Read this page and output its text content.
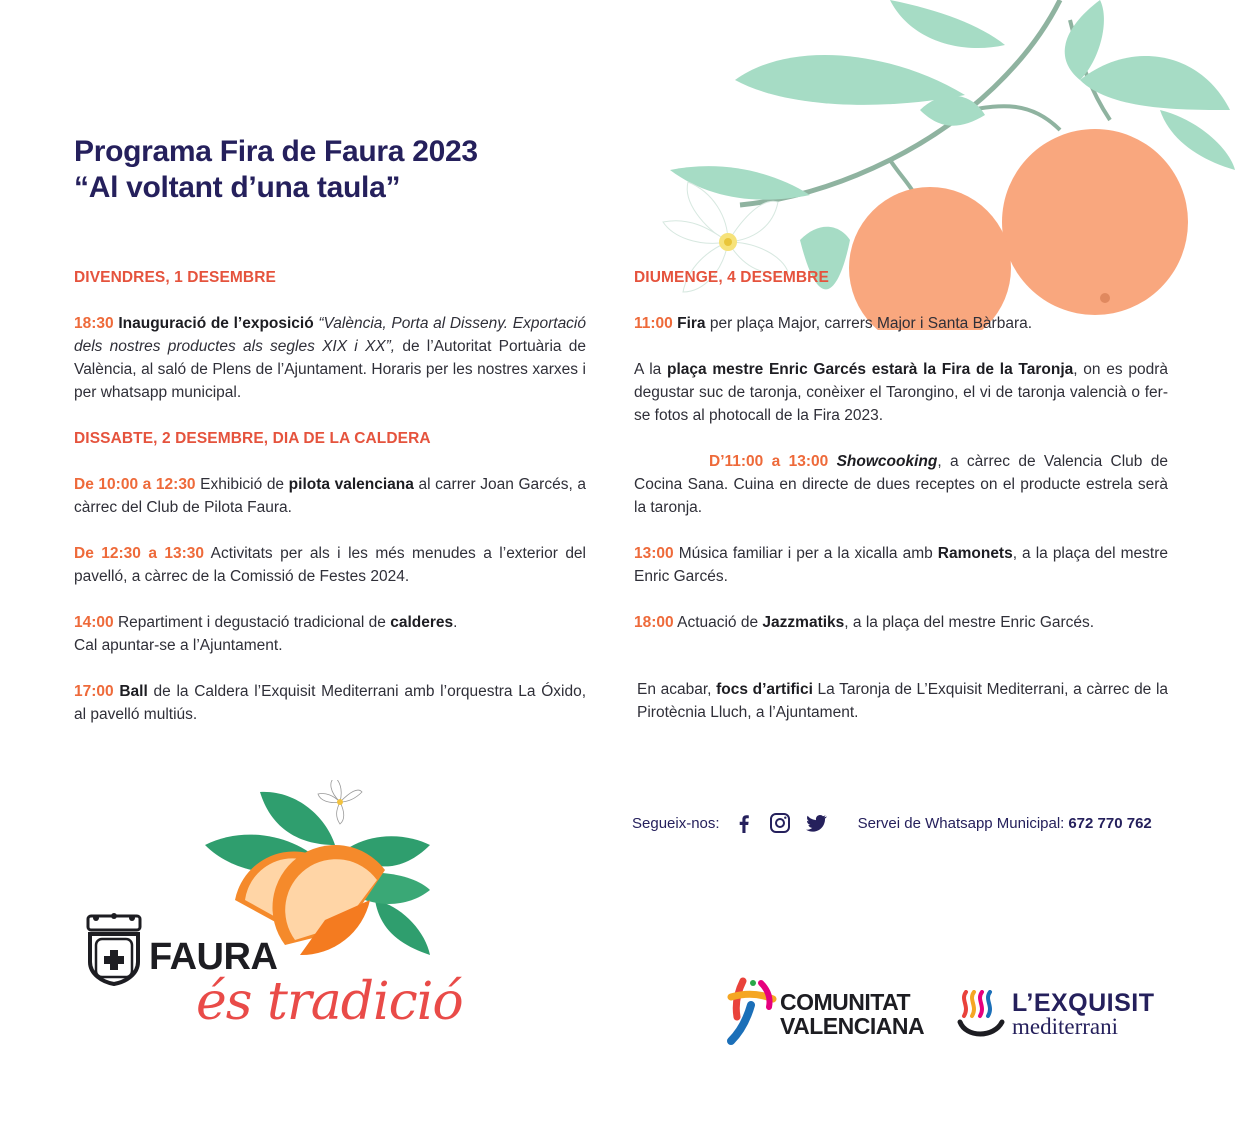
Programa Fira de Faura 2023
“Al voltant d’una taula”
DIVENDRES, 1 DESEMBRE
18:30 Inauguració de l’exposició “València, Porta al Disseny. Exportació dels nostres productes als segles XIX i XX”, de l’Autoritat Portuària de València, al saló de Plens de l’Ajuntament. Horaris per les nostres xarxes i per whatsapp municipal.
DISSABTE, 2 DESEMBRE, DIA DE LA CALDERA
De 10:00 a 12:30 Exhibició de pilota valenciana al carrer Joan Garcés, a càrrec del Club de Pilota Faura.
De 12:30 a 13:30 Activitats per als i les més menudes a l’exterior del pavelló, a càrrec de la Comissió de Festes 2024.
14:00 Repartiment i degustació tradicional de calderes.
Cal apuntar-se a l’Ajuntament.
17:00 Ball de la Caldera l’Exquisit Mediterrani amb l’orquestra La Óxido, al pavelló multiús.
DIUMENGE, 4 DESEMBRE
11:00 Fira per plaça Major, carrers Major i Santa Bàrbara.
A la plaça mestre Enric Garcés estarà la Fira de la Taronja, on es podrà degustar suc de taronja, conèixer el Tarongino, el vi de taronja valencià o fer-se fotos al photocall de la Fira 2023.
D’11:00 a 13:00 Showcooking, a càrrec de Valencia Club de Cocina Sana. Cuina en directe de dues receptes on el producte estrela serà la taronja.
13:00 Música familiar i per a la xicalla amb Ramonets, a la plaça del mestre Enric Garcés.
18:00 Actuació de Jazzmatiks, a la plaça del mestre Enric Garcés.
En acabar, focs d’artifici La Taronja de L’Exquisit Mediterrani, a càrrec de la Pirotècnia Lluch, a l’Ajuntament.
Segueix-nos:	Servei de Whatsapp Municipal: 672 770 762
FAURA
és tradició	COMUNITAT
VALENCIANA
L’EXQUISIT
mediterrani
